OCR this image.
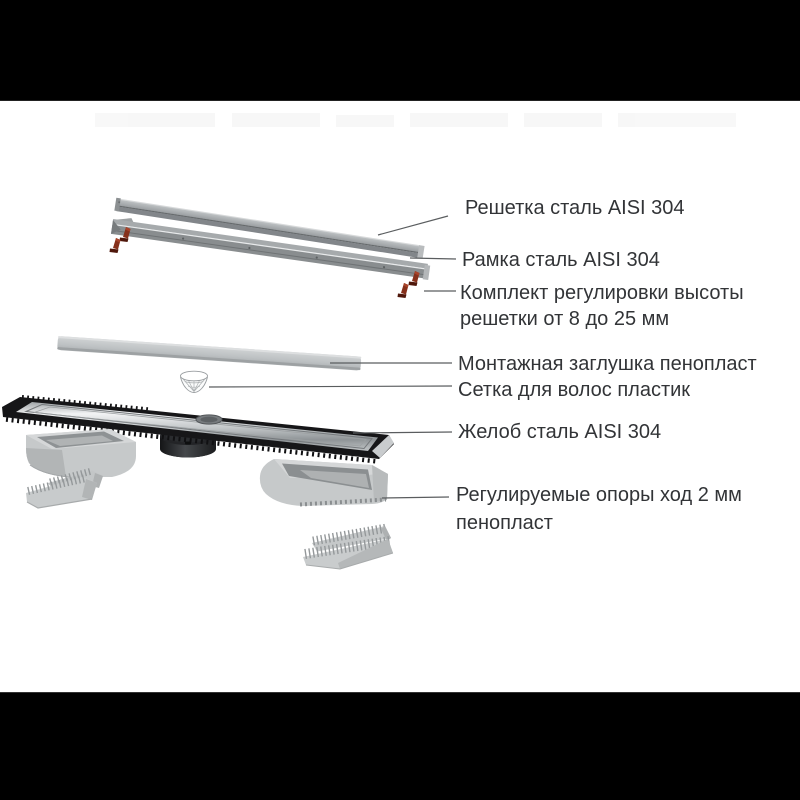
Решетка сталь AISI 304
Рамка сталь AISI 304
Комплект регулировки высоты
решетки от 8 до 25 мм
Монтажная заглушка пенопласт
Сетка для волос пластик
Желоб сталь AISI 304
Регулируемые опоры ход 2 мм
пенопласт
